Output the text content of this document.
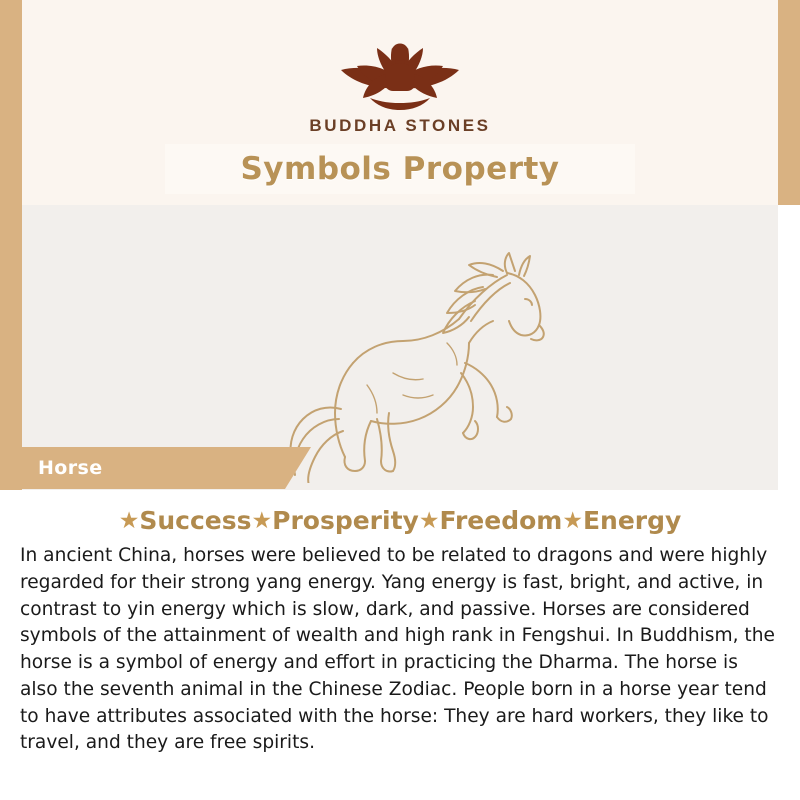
BUDDHA STONES
Symbols Property
Horse
★Success★Prosperity★Freedom★Energy
In ancient China, horses were believed to be related to dragons and were highly regarded for their strong yang energy. Yang energy is fast, bright, and active, in contrast to yin energy which is slow, dark, and passive. Horses are considered symbols of the attainment of wealth and high rank in Fengshui. In Buddhism, the horse is a symbol of energy and effort in practicing the Dharma. The horse is also the seventh animal in the Chinese Zodiac. People born in a horse year tend to have attributes associated with the horse: They are hard workers, they like to travel, and they are free spirits.
